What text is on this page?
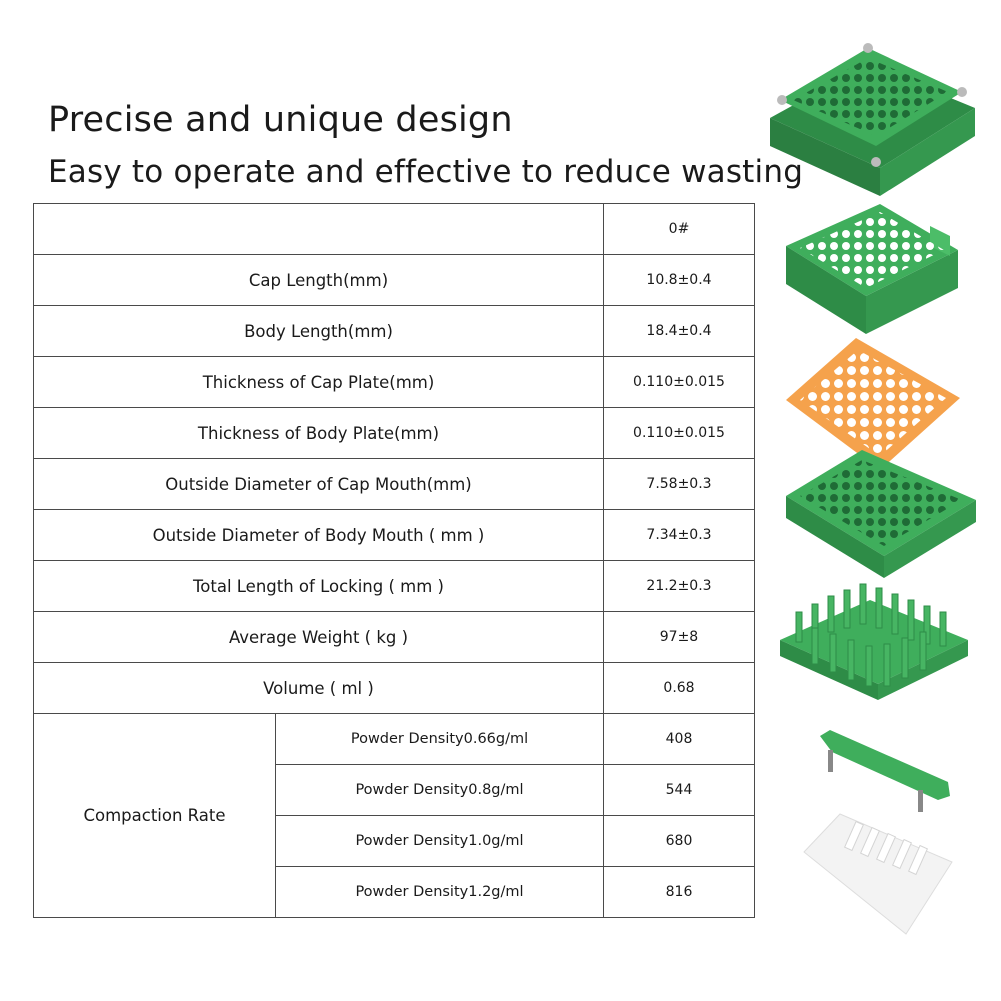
Precise and unique design
Easy to operate and effective to reduce wasting
		0#
Cap Length(mm)		10.8±0.4
Body Length(mm)		18.4±0.4
Thickness of Cap Plate(mm)		0.110±0.015
Thickness of Body Plate(mm)		0.110±0.015
Outside Diameter of Cap Mouth(mm)		7.58±0.3
Outside Diameter of Body Mouth ( mm )		7.34±0.3
Total Length of Locking ( mm )		21.2±0.3
Average Weight ( kg )		97±8
Volume ( ml )		0.68
Compaction Rate	Powder Density0.66g/ml	408
	Powder Density0.8g/ml	544
	Powder Density1.0g/ml	680
	Powder Density1.2g/ml	816
